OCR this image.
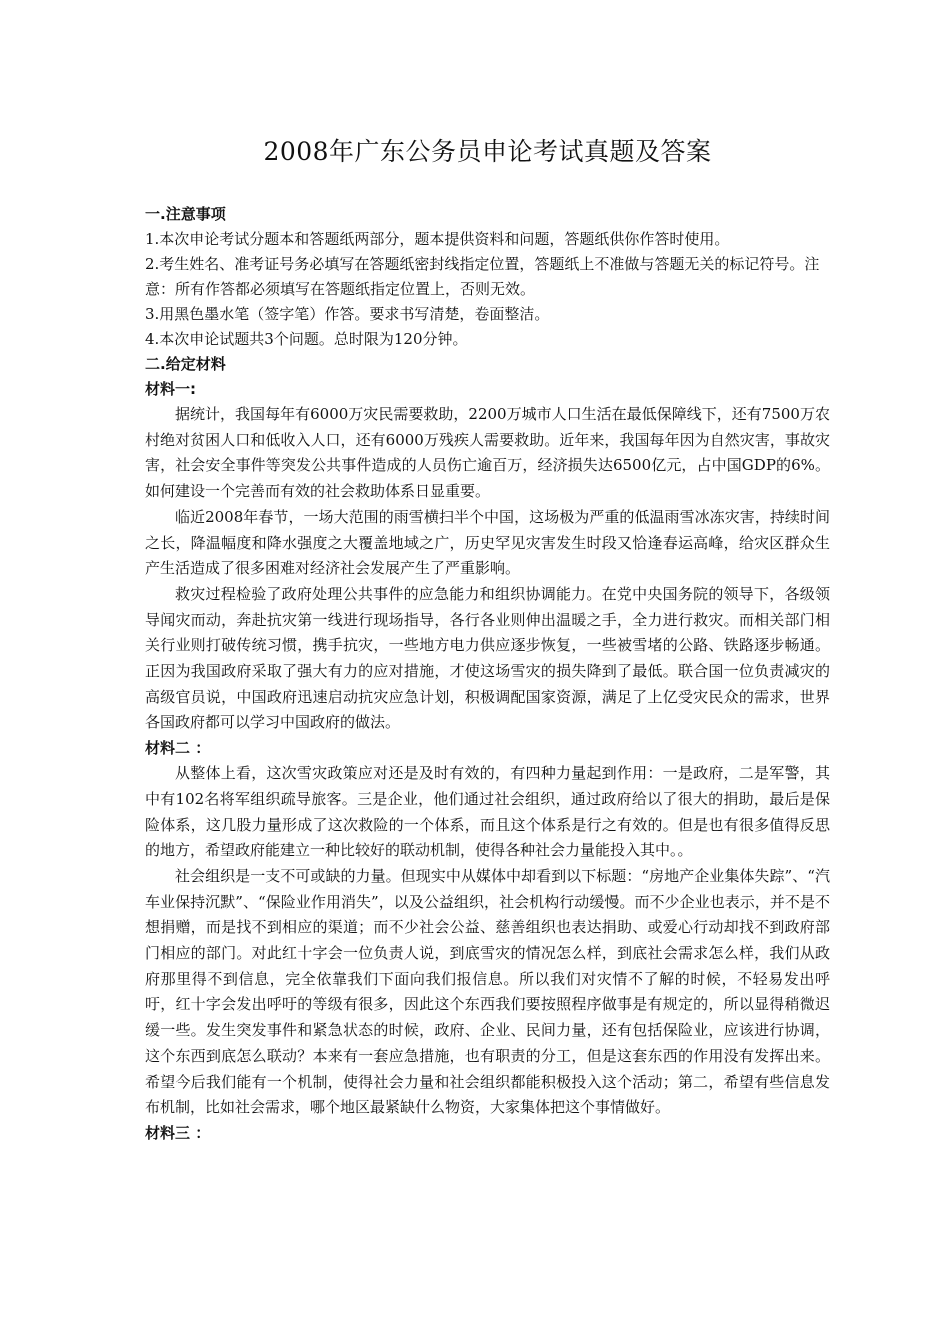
2008年广东公务员申论考试真题及答案
一.注意事项

1.本次申论考试分题本和答题纸两部分，题本提供资料和问题，答题纸供你作答时使用。

2.考生姓名、准考证号务必填写在答题纸密封线指定位置，答题纸上不准做与答题无关的标记符号。注意：所有作答都必须填写在答题纸指定位置上，否则无效。

3.用黑色墨水笔（签字笔）作答。要求书写清楚，卷面整洁。

4.本次申论试题共3个问题。总时限为120分钟。

二.给定材料
材料一:

据统计，我国每年有6000万灾民需要救助，2200万城市人口生活在最低保障线下，还有7500万农村绝对贫困人口和低收入人口，还有6000万残疾人需要救助。近年来，我国每年因为自然灾害，事故灾害，社会安全事件等突发公共事件造成的人员伤亡逾百万，经济损失达6500亿元，占中国GDP的6%。如何建设一个完善而有效的社会救助体系日显重要。

临近2008年春节，一场大范围的雨雪横扫半个中国，这场极为严重的低温雨雪冰冻灾害，持续时间之长，降温幅度和降水强度之大覆盖地域之广，历史罕见灾害发生时段又恰逢春运高峰，给灾区群众生产生活造成了很多困难对经济社会发展产生了严重影响。

救灾过程检验了政府处理公共事件的应急能力和组织协调能力。在党中央国务院的领导下，各级领导闻灾而动，奔赴抗灾第一线进行现场指导，各行各业则伸出温暖之手，全力进行救灾。而相关部门相关行业则打破传统习惯，携手抗灾，一些地方电力供应逐步恢复，一些被雪堵的公路、铁路逐步畅通。正因为我国政府采取了强大有力的应对措施，才使这场雪灾的损失降到了最低。联合国一位负责减灾的高级官员说，中国政府迅速启动抗灾应急计划，积极调配国家资源，满足了上亿受灾民众的需求，世界各国政府都可以学习中国政府的做法。

材料二 ：

从整体上看，这次雪灾政策应对还是及时有效的，有四种力量起到作用：一是政府，二是军警，其中有102名将军组织疏导旅客。三是企业，他们通过社会组织，通过政府给以了很大的捐助，最后是保险体系，这几股力量形成了这次救险的一个体系，而且这个体系是行之有效的。但是也有很多值得反思的地方，希望政府能建立一种比较好的联动机制，使得各种社会力量能投入其中。。

社会组织是一支不可或缺的力量。但现实中从媒体中却看到以下标题：“房地产企业集体失踪”、“汽车业保持沉默”、“保险业作用消失”，以及公益组织，社会机构行动缓慢。而不少企业也表示，并不是不想捐赠，而是找不到相应的渠道；而不少社会公益、慈善组织也表达捐助、或爱心行动却找不到政府部门相应的部门。对此红十字会一位负责人说，到底雪灾的情况怎么样，到底社会需求怎么样，我们从政府那里得不到信息，完全依靠我们下面向我们报信息。所以我们对灾情不了解的时候，不轻易发出呼吁，红十字会发出呼吁的等级有很多，因此这个东西我们要按照程序做事是有规定的，所以显得稍微迟缓一些。发生突发事件和紧急状态的时候，政府、企业、民间力量，还有包括保险业，应该进行协调，这个东西到底怎么联动？本来有一套应急措施，也有职责的分工，但是这套东西的作用没有发挥出来。希望今后我们能有一个机制，使得社会力量和社会组织都能积极投入这个活动；第二，希望有些信息发布机制，比如社会需求，哪个地区最紧缺什么物资，大家集体把这个事情做好。

材料三 ：
